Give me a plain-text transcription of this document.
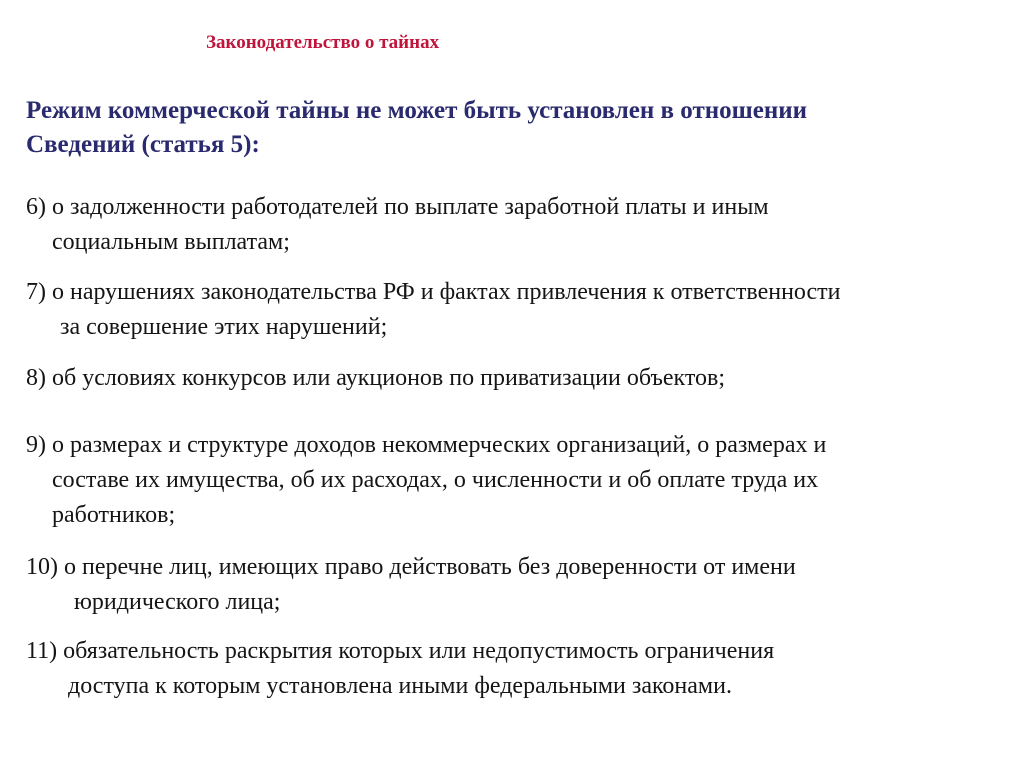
Законодательство о тайнах
Режим коммерческой тайны не может быть установлен в отношении
Сведений (статья 5):
6) о задолженности работодателей по выплате заработной платы и иным
социальным выплатам;
7) о нарушениях законодательства РФ и фактах привлечения к ответственности
за совершение этих нарушений;
8) об условиях конкурсов или аукционов по приватизации объектов;
9) о размерах и структуре доходов некоммерческих организаций, о размерах и
составе их имущества, об их расходах, о численности и об оплате труда их
работников;
10) о перечне лиц, имеющих право действовать без доверенности от имени
юридического лица;
11) обязательность раскрытия которых или недопустимость ограничения
доступа к которым установлена иными федеральными законами.
